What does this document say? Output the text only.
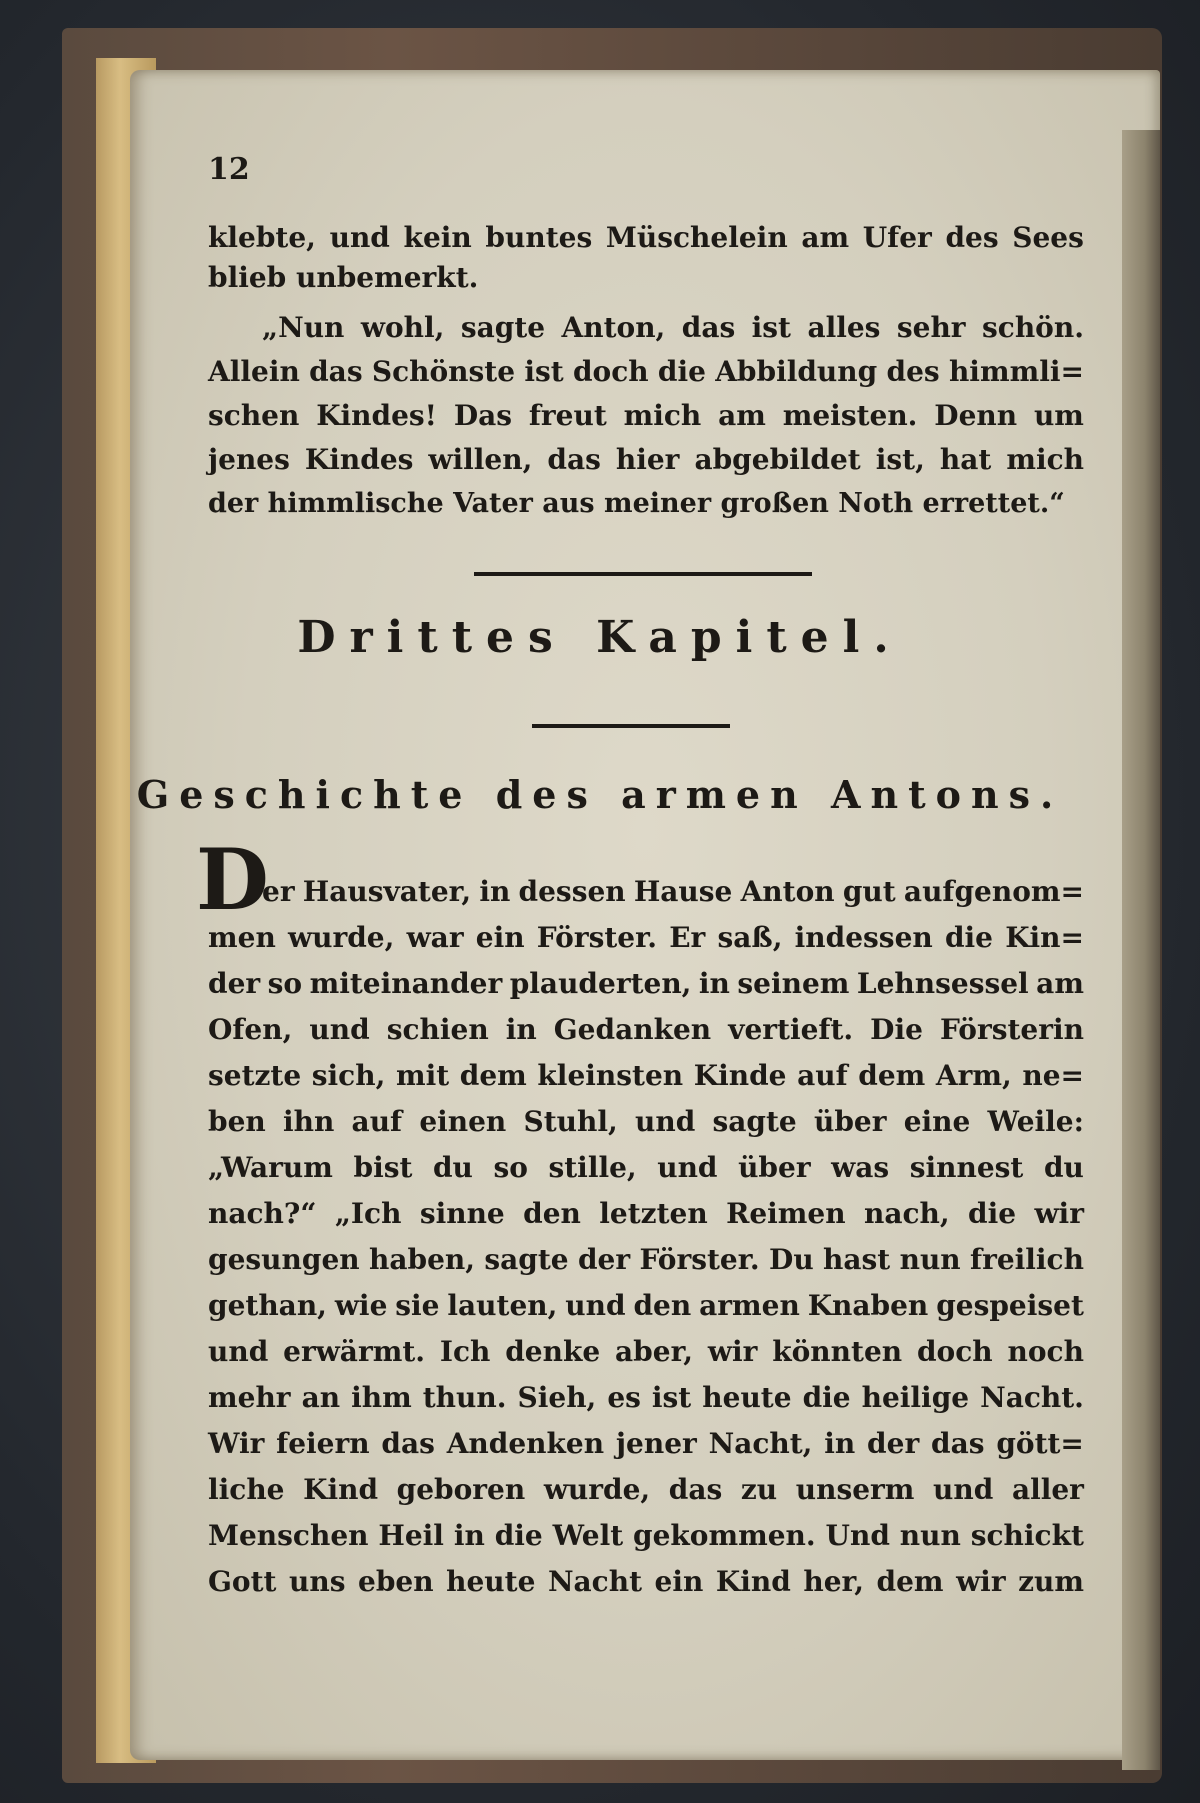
12
klebte, und kein buntes Müschelein am Ufer des Sees
blieb unbemerkt.
„Nun wohl, sagte Anton, das ist alles sehr schön.
Allein das Schönste ist doch die Abbildung des himmli=
schen Kindes! Das freut mich am meisten. Denn um
jenes Kindes willen, das hier abgebildet ist, hat mich
der himmlische Vater aus meiner großen Noth errettet.“
Drittes Kapitel.
Geschichte des armen Antons.
D
er Hausvater, in dessen Hause Anton gut aufgenom=
men wurde, war ein Förster. Er saß, indessen die Kin=
der so miteinander plauderten, in seinem Lehnsessel am
Ofen, und schien in Gedanken vertieft. Die Försterin
setzte sich, mit dem kleinsten Kinde auf dem Arm, ne=
ben ihn auf einen Stuhl, und sagte über eine Weile:
„Warum bist du so stille, und über was sinnest du
nach?“ „Ich sinne den letzten Reimen nach, die wir
gesungen haben, sagte der Förster. Du hast nun freilich
gethan, wie sie lauten, und den armen Knaben gespeiset
und erwärmt. Ich denke aber, wir könnten doch noch
mehr an ihm thun. Sieh, es ist heute die heilige Nacht.
Wir feiern das Andenken jener Nacht, in der das gött=
liche Kind geboren wurde, das zu unserm und aller
Menschen Heil in die Welt gekommen. Und nun schickt
Gott uns eben heute Nacht ein Kind her, dem wir zum
